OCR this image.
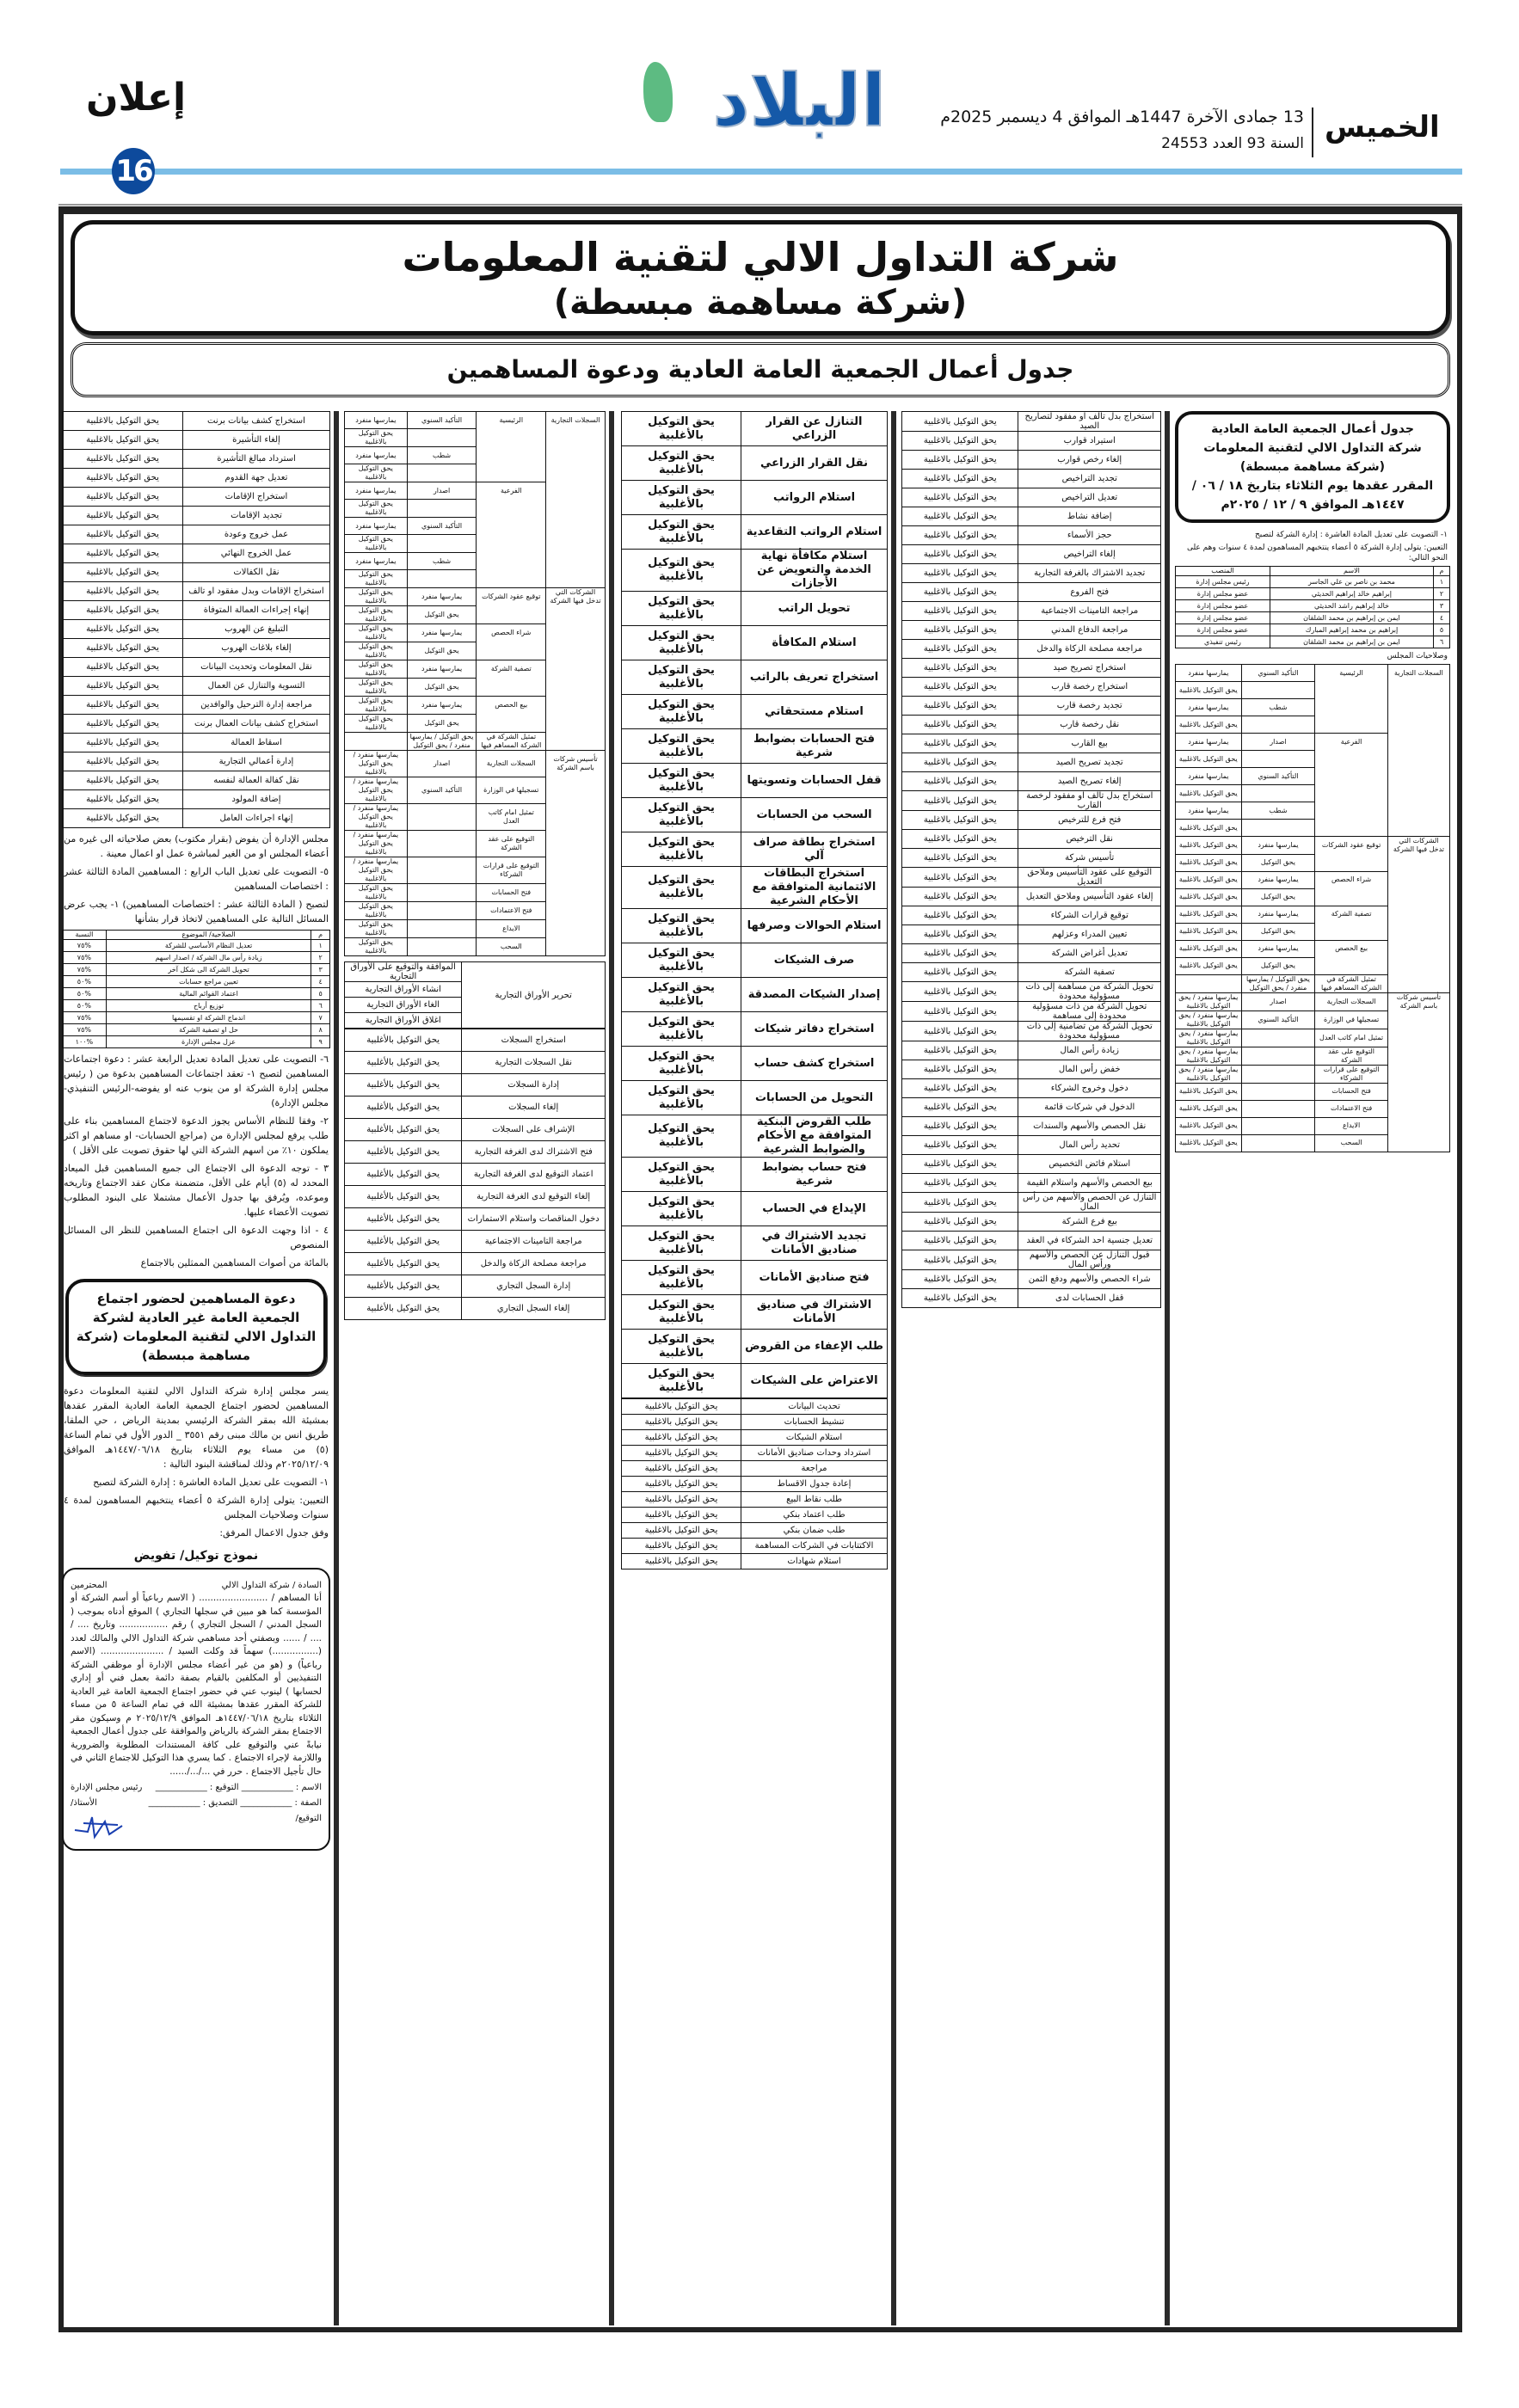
الخميس
13 جمادى الآخرة 1447هـ الموافق 4 ديسمبر 2025م
السنة 93 العدد 24553
البلاد
إعلان
16
شركة التداول الالي لتقنية المعلومات
(شركة مساهمة مبسطة)
جدول أعمال الجمعية العامة العادية ودعوة المساهمين
جدول أعمال الجمعية العامة العادية
شركة التداول الالي لتقنية المعلومات (شركة مساهمة مبسطة)
المقرر عقدها يوم الثلاثاء بتاريخ ١٨ / ٠٦ / ١٤٤٧هـ الموافق ٩ / ١٢ / ٢٠٢٥م
١- التصويت على تعديل المادة العاشرة : إدارة الشركة لتصبح
التعيين: يتولى إدارة الشركة ٥ أعضاء ينتخبهم المساهمون لمدة ٤ سنوات وهم على النحو التالي:
م	الاسم	المنصب
١	محمد بن ناصر بن علي الجاسر	رئيس مجلس إدارة
٢	إبراهيم خالد إبراهيم الحديثي	عضو مجلس إدارة
٣	خالد إبراهيم راشد الحديثي	عضو مجلس إدارة
٤	ايمن بن إبراهيم بن محمد الشلقان	عضو مجلس إدارة
٥	إبراهيم بن محمد إبراهيم المبارك	عضو مجلس إدارة
٦	ايمن بن إبراهيم بن محمد الشلقان	رئيس تنفيذي
وصلاحيات المجلس
السجلات التجارية	الرئيسية	التأكيد السنوي	يمارسها منفرد
			يحق التوكيل بالاغلبية
		شطب	يمارسها منفرد
			يحق التوكيل بالاغلبية
	الفرعية	اصدار	يمارسها منفرد
			يحق التوكيل بالاغلبية
		التأكيد السنوي	يمارسها منفرد
			يحق التوكيل بالاغلبية
		شطب	يمارسها منفرد
			يحق التوكيل بالاغلبية
الشركات التي تدخل فيها الشركة	توقيع عقود الشركات	يمارسها منفرد	يحق التوكيل بالاغلبية
		يحق التوكيل	يحق التوكيل بالاغلبية
	شراء الحصص	يمارسها منفرد	يحق التوكيل بالاغلبية
		يحق التوكيل	يحق التوكيل بالاغلبية
	تصفية الشركة	يمارسها منفرد	يحق التوكيل بالاغلبية
		يحق التوكيل	يحق التوكيل بالاغلبية
	بيع الحصص	يمارسها منفرد	يحق التوكيل بالاغلبية
		يحق التوكيل	يحق التوكيل بالاغلبية
	تمثيل الشركة في الشركة المساهم فيها	يحق التوكيل / يمارسها منفرد / يحق التوكيل	
تأسيس شركات باسم الشركة	السجلات التجارية	اصدار	يمارسها منفرد / يحق التوكيل بالاغلبية
	تسجيلها في الوزارة	التأكيد السنوي	يمارسها منفرد / يحق التوكيل بالاغلبية
	تمثيل امام كاتب العدل		يمارسها منفرد / يحق التوكيل بالاغلبية
	التوقيع على عقد الشركة		يمارسها منفرد / يحق التوكيل بالاغلبية
	التوقيع على قرارات الشركاء		يمارسها منفرد / يحق التوكيل بالاغلبية
	فتح الحسابات		يحق التوكيل بالاغلبية
	فتح الاعتمادات		يحق التوكيل بالاغلبية
	الايداع		يحق التوكيل بالاغلبية
	السحب		يحق التوكيل بالاغلبية
استخراج بدل تالف او مفقود لتصاريح الصيد	يحق التوكيل بالاغلبية
استيراد قوارب	يحق التوكيل بالاغلبية
إلغاء رخص قوارب	يحق التوكيل بالاغلبية
تجديد التراخيص	يحق التوكيل بالاغلبية
تعديل التراخيص	يحق التوكيل بالاغلبية
إضافة نشاط	يحق التوكيل بالاغلبية
حجز الأسماء	يحق التوكيل بالاغلبية
إلغاء التراخيص	يحق التوكيل بالاغلبية
تجديد الاشتراك بالغرفة التجارية	يحق التوكيل بالاغلبية
فتح الفروع	يحق التوكيل بالاغلبية
مراجعة التامينات الاجتماعية	يحق التوكيل بالاغلبية
مراجعة الدفاع المدني	يحق التوكيل بالاغلبية
مراجعة مصلحة الزكاة والدخل	يحق التوكيل بالاغلبية
استخراج تصريح صيد	يحق التوكيل بالاغلبية
استخراج رخصة قارب	يحق التوكيل بالاغلبية
تجديد رخصة قارب	يحق التوكيل بالاغلبية
نقل رخصة قارب	يحق التوكيل بالاغلبية
بيع القارب	يحق التوكيل بالاغلبية
تجديد تصريح الصيد	يحق التوكيل بالاغلبية
إلغاء تصريح الصيد	يحق التوكيل بالاغلبية
استخراج بدل تالف او مفقود لرخصة القارب	يحق التوكيل بالاغلبية
فتح فرع للترخيص	يحق التوكيل بالاغلبية
نقل الترخيص	يحق التوكيل بالاغلبية
تأسيس شركة	يحق التوكيل بالاغلبية
التوقيع على عقود التأسيس وملاحق التعديل	يحق التوكيل بالاغلبية
إلغاء عقود التأسيس وملاحق التعديل	يحق التوكيل بالاغلبية
توقيع قرارات الشركاء	يحق التوكيل بالاغلبية
تعيين المدراء وعزلهم	يحق التوكيل بالاغلبية
تعديل أغراض الشركة	يحق التوكيل بالاغلبية
تصفية الشركة	يحق التوكيل بالاغلبية
تحويل الشركة من مساهمة إلى ذات مسؤولية محدودة	يحق التوكيل بالاغلبية
تحويل الشركة من ذات مسؤولية محدودة إلى مساهمة	يحق التوكيل بالاغلبية
تحويل الشركة من تضامنية إلى ذات مسؤولية محدودة	يحق التوكيل بالاغلبية
زيادة رأس المال	يحق التوكيل بالاغلبية
خفض رأس المال	يحق التوكيل بالاغلبية
دخول وخروج الشركاء	يحق التوكيل بالاغلبية
الدخول في شركات قائمة	يحق التوكيل بالاغلبية
نقل الحصص والأسهم والسندات	يحق التوكيل بالاغلبية
تحديد رأس المال	يحق التوكيل بالاغلبية
استلام فائض التخصيص	يحق التوكيل بالاغلبية
بيع الحصص والأسهم واستلام القيمة	يحق التوكيل بالاغلبية
التنازل عن الحصص والأسهم من رأس المال	يحق التوكيل بالاغلبية
بيع فرع الشركة	يحق التوكيل بالاغلبية
تعديل جنسية احد الشركاء في العقد	يحق التوكيل بالاغلبية
قبول التنازل عن الحصص والأسهم ورأس المال	يحق التوكيل بالاغلبية
شراء الحصص والأسهم ودفع الثمن	يحق التوكيل بالاغلبية
قفل الحسابات لدى	يحق التوكيل بالاغلبية
التنازل عن القرار الزراعي	يحق التوكيل بالأغلبية
نقل القرار الزراعي	يحق التوكيل بالأغلبية
استلام الرواتب	يحق التوكيل بالأغلبية
استلام الرواتب التقاعدية	يحق التوكيل بالأغلبية
استلام مكافأة نهاية الخدمة والتعويض عن الأجازات	يحق التوكيل بالأغلبية
تحويل الراتب	يحق التوكيل بالأغلبية
استلام المكافأة	يحق التوكيل بالأغلبية
استخراج تعريف بالراتب	يحق التوكيل بالأغلبية
استلام مستحقاتي	يحق التوكيل بالأغلبية
فتح الحسابات بضوابط شرعية	يحق التوكيل بالأغلبية
قفل الحسابات وتسويتها	يحق التوكيل بالأغلبية
السحب من الحسابات	يحق التوكيل بالأغلبية
استخراج بطاقة صراف آلي	يحق التوكيل بالأغلبية
استخراج البطاقات الائتمانية المتوافقة مع الأحكام الشرعية	يحق التوكيل بالأغلبية
استلام الحوالات وصرفها	يحق التوكيل بالأغلبية
صرف الشيكات	يحق التوكيل بالأغلبية
إصدار الشيكات المصدقة	يحق التوكيل بالأغلبية
استخراج دفاتر شيكات	يحق التوكيل بالأغلبية
استخراج كشف حساب	يحق التوكيل بالأغلبية
التحويل من الحسابات	يحق التوكيل بالأغلبية
طلب القروض البنكية المتوافقة مع الأحكام والضوابط الشرعية	يحق التوكيل بالأغلبية
فتح حساب بضوابط شرعية	يحق التوكيل بالأغلبية
الإيداع في الحساب	يحق التوكيل بالأغلبية
تجديد الاشتراك في صناديق الأمانات	يحق التوكيل بالأغلبية
فتح صناديق الأمانات	يحق التوكيل بالأغلبية
الاشتراك في صناديق الأمانات	يحق التوكيل بالأغلبية
طلب الإعفاء من القروض	يحق التوكيل بالأغلبية
الاعتراض على الشيكات	يحق التوكيل بالأغلبية
تحديث البيانات	يحق التوكيل بالاغلبية
تنشيط الحسابات	يحق التوكيل بالاغلبية
استلام الشيكات	يحق التوكيل بالاغلبية
استرداد وحدات صناديق الأمانات	يحق التوكيل بالاغلبية
مراجعة	يحق التوكيل بالاغلبية
إعادة جدول الاقساط	يحق التوكيل بالاغلبية
طلب نقاط البيع	يحق التوكيل بالاغلبية
طلب اعتماد بنكي	يحق التوكيل بالاغلبية
طلب ضمان بنكي	يحق التوكيل بالاغلبية
الاكتتابات في الشركات المساهمة	يحق التوكيل بالاغلبية
استلام شهادات	يحق التوكيل بالاغلبية
السجلات التجارية	الرئيسية	التأكيد السنوي	يمارسها منفرد
			يحق التوكيل بالاغلبية
		شطب	يمارسها منفرد
			يحق التوكيل بالاغلبية
	الفرعية	اصدار	يمارسها منفرد
			يحق التوكيل بالاغلبية
		التأكيد السنوي	يمارسها منفرد
			يحق التوكيل بالاغلبية
		شطب	يمارسها منفرد
			يحق التوكيل بالاغلبية
الشركات التي تدخل فيها الشركة	توقيع عقود الشركات	يمارسها منفرد	يحق التوكيل بالاغلبية
		يحق التوكيل	يحق التوكيل بالاغلبية
	شراء الحصص	يمارسها منفرد	يحق التوكيل بالاغلبية
		يحق التوكيل	يحق التوكيل بالاغلبية
	تصفية الشركة	يمارسها منفرد	يحق التوكيل بالاغلبية
		يحق التوكيل	يحق التوكيل بالاغلبية
	بيع الحصص	يمارسها منفرد	يحق التوكيل بالاغلبية
		يحق التوكيل	يحق التوكيل بالاغلبية
	تمثيل الشركة في الشركة المساهم فيها	يحق التوكيل / يمارسها منفرد / يحق التوكيل	
تأسيس شركات باسم الشركة	السجلات التجارية	اصدار	يمارسها منفرد / يحق التوكيل بالاغلبية
	تسجيلها في الوزارة	التأكيد السنوي	يمارسها منفرد / يحق التوكيل بالاغلبية
	تمثيل امام كاتب العدل		يمارسها منفرد / يحق التوكيل بالاغلبية
	التوقيع على عقد الشركة		يمارسها منفرد / يحق التوكيل بالاغلبية
	التوقيع على قرارات الشركاء		يمارسها منفرد / يحق التوكيل بالاغلبية
	فتح الحسابات		يحق التوكيل بالاغلبية
	فتح الاعتمادات		يحق التوكيل بالاغلبية
	الايداع		يحق التوكيل بالاغلبية
	السحب		يحق التوكيل بالاغلبية
تحرير الأوراق التجارية	الموافقة والتوقيع على الأوراق التجارية
انشاء الأوراق التجارية
الغاء الأوراق التجارية
اغلاق الأوراق التجارية
استخراج السجلات	يحق التوكيل بالأغلبية
نقل السجلات التجارية	يحق التوكيل بالأغلبية
إدارة السجلات	يحق التوكيل بالأغلبية
إلغاء السجلات	يحق التوكيل بالأغلبية
الإشراف على السجلات	يحق التوكيل بالأغلبية
فتح الاشتراك لدى الغرفة التجارية	يحق التوكيل بالأغلبية
اعتماد التوقيع لدى الغرفة التجارية	يحق التوكيل بالأغلبية
إلغاء التوقيع لدى الغرفة التجارية	يحق التوكيل بالأغلبية
دخول المناقصات واستلام الاستمارات	يحق التوكيل بالأغلبية
مراجعة التامينات الاجتماعية	يحق التوكيل بالأغلبية
مراجعة مصلحة الزكاة والدخل	يحق التوكيل بالأغلبية
إدارة السجل التجاري	يحق التوكيل بالأغلبية
إلغاء السجل التجاري	يحق التوكيل بالأغلبية
استخراج كشف بيانات برنت	يحق التوكيل بالاغلبية
إلغاء التأشيرة	يحق التوكيل بالاغلبية
استرداد مبالغ التأشيرة	يحق التوكيل بالاغلبية
تعديل جهة القدوم	يحق التوكيل بالاغلبية
استخراج الإقامات	يحق التوكيل بالاغلبية
تجديد الإقامات	يحق التوكيل بالاغلبية
عمل خروج وعودة	يحق التوكيل بالاغلبية
عمل الخروج النهائي	يحق التوكيل بالاغلبية
نقل الكفالات	يحق التوكيل بالاغلبية
استخراج الإقامات وبدل مفقود او تالف	يحق التوكيل بالاغلبية
إنهاء إجراءات العمالة المتوفاة	يحق التوكيل بالاغلبية
التبليغ عن الهروب	يحق التوكيل بالاغلبية
إلغاء بلاغات الهروب	يحق التوكيل بالاغلبية
نقل المعلومات وتحديث البيانات	يحق التوكيل بالاغلبية
التسوية والتنازل عن العمال	يحق التوكيل بالاغلبية
مراجعة إدارة الترحيل والوافدين	يحق التوكيل بالاغلبية
استخراج كشف بيانات العمال برنت	يحق التوكيل بالاغلبية
اسقاط العمالة	يحق التوكيل بالاغلبية
إدارة أعمالي التجارية	يحق التوكيل بالاغلبية
نقل كفالة العمالة لنفسه	يحق التوكيل بالاغلبية
إضافة المولود	يحق التوكيل بالاغلبية
إنهاء اجراءات العامل	يحق التوكيل بالاغلبية
مجلس الإدارة أن يفوض (بقرار مكتوب) بعض صلاحياته الى غيره من أعضاء المجلس او من الغير لمباشرة عمل او اعمال معينة .
٥- التصويت على تعديل الباب الرابع : المساهمين المادة الثالثة عشر : اختصاصات المساهمين
لتصبح ( المادة الثالثة عشر : اختصاصات المساهمين) ١- يجب عرض المسائل التالية على المساهمين لاتخاذ قرار بشأنها
م	الصلاحية/ الموضوع	النسبة
١	تعديل النظام الأساسي للشركة	%٧٥
٢	زيادة رأس مال الشركة / اصدار اسهم	%٧٥
٣	تحويل الشركة الى شكل آخر	%٧٥
٤	تعيين مراجع حسابات	%٥٠
٥	اعتماد القوائم المالية	%٥٠
٦	توزيع أرباح	%٥٠
٧	اندماج الشركة او تقسيمها	%٧٥
٨	حل او تصفية الشركة	%٧٥
٩	عزل مجلس الإدارة	%١٠٠
٦- التصويت على تعديل المادة تعديل الرابعة عشر : دعوة اجتماعات المساهمين لتصبح ١- تعقد اجتماعات المساهمين بدعوة من ( رئيس مجلس إدارة الشركة او من ينوب عنه او يفوضه-الرئيس التنفيذي- مجلس الإدارة)
٢- وفقا للنظام الأساس يجوز الدعوة لاجتماع المساهمين بناء على طلب يرفع لمجلس الإدارة من (مراجع الحسابات- او مساهم او اكثر يملكون ١٠٪ من اسهم الشركة التي لها حقوق تصويت على الأقل )
٣ - توجه الدعوة الى الاجتماع الى جميع المساهمين قبل الميعاد المحدد له (٥) أيام على الأقل، متضمنة مكان عقد الاجتماع وتاريخه وموعده، ويُرفق بها جدول الأعمال مشتملا على البنود المطلوب تصويت الأعضاء عليها.
٤ - اذا وجهت الدعوة الى اجتماع المساهمين للنظر الى المسائل المنصوص
بالمائة من أصوات المساهمين الممثلين بالاجتماع
دعوة المساهمين لحضور اجتماع الجمعية العامة غير العادية لشركة التداول الالي لتقنية المعلومات (شركة مساهمة مبسطة)
يسر مجلس إدارة شركة التداول الالي لتقنية المعلومات دعوة المساهمين لحضور اجتماع الجمعية العامة العادية المقرر عقدها بمشيئة الله بمقر الشركة الرئيسي بمدينة الرياض ، حي الملقا، طريق انس بن مالك مبنى رقم ٣٥٥١ _ الدور الأول في تمام الساعة (٥) من مساء يوم الثلاثاء بتاريخ ١٤٤٧/٠٦/١٨هـ الموافق ٢٠٢٥/١٢/٠٩م وذلك لمناقشة البنود التالية :
١- التصويت على تعديل المادة العاشرة : إدارة الشركة لتصبح
التعيين: يتولى إدارة الشركة ٥ أعضاء ينتخبهم المساهمون لمدة ٤ سنوات وصلاحيات المجلس
وفق جدول الاعمال المرفق:
نموذج توكيل/ تفويض
السادة / شركة التداول الالي
المحترمين
أنا المساهم / ........................ ( الاسم رباعياً أو أسم الشركة أو المؤسسة كما هو مبين في سجلها التجاري ) الموقع أدناه بموجب ( السجل المدني / السجل التجاري ) رقم ................. وتاريخ .... / .... / ...... وبصفتي أحد مساهمي شركة التداول الالي والمالك لعدد (................) سهماً قد وكلت السيد / ...................... (الاسم رباعياً) و (هو من غير أعضاء مجلس الإدارة أو موظفي الشركة التنفيذيين أو المكلفين بالقيام بصفة دائمة بعمل فني أو إداري لحسابها ) لينوب عني في حضور اجتماع الجمعية العامة غير العادية للشركة المقرر عقدها بمشيئة الله في تمام الساعة ٥ من مساء الثلاثاء بتاريخ ١٤٤٧/٠٦/١٨هـ الموافق ٢٠٢٥/١٢/٩ م وسيكون مقر الاجتماع بمقر الشركة بالرياض والموافقة على جدول أعمال الجمعية نيابةً عني والتوقيع على كافة المستندات المطلوبة والضرورية واللازمة لإجراء الاجتماع . كما يسري هذا التوكيل للاجتماع الثاني في حال تأجيل الاجتماع . حرر في .../.../......
الاسم : ____________ التوقيع : ____________
رئيس مجلس الإدارة
الصفة : ____________ التصديق : ____________
الأستاذ/
التوقيع/
